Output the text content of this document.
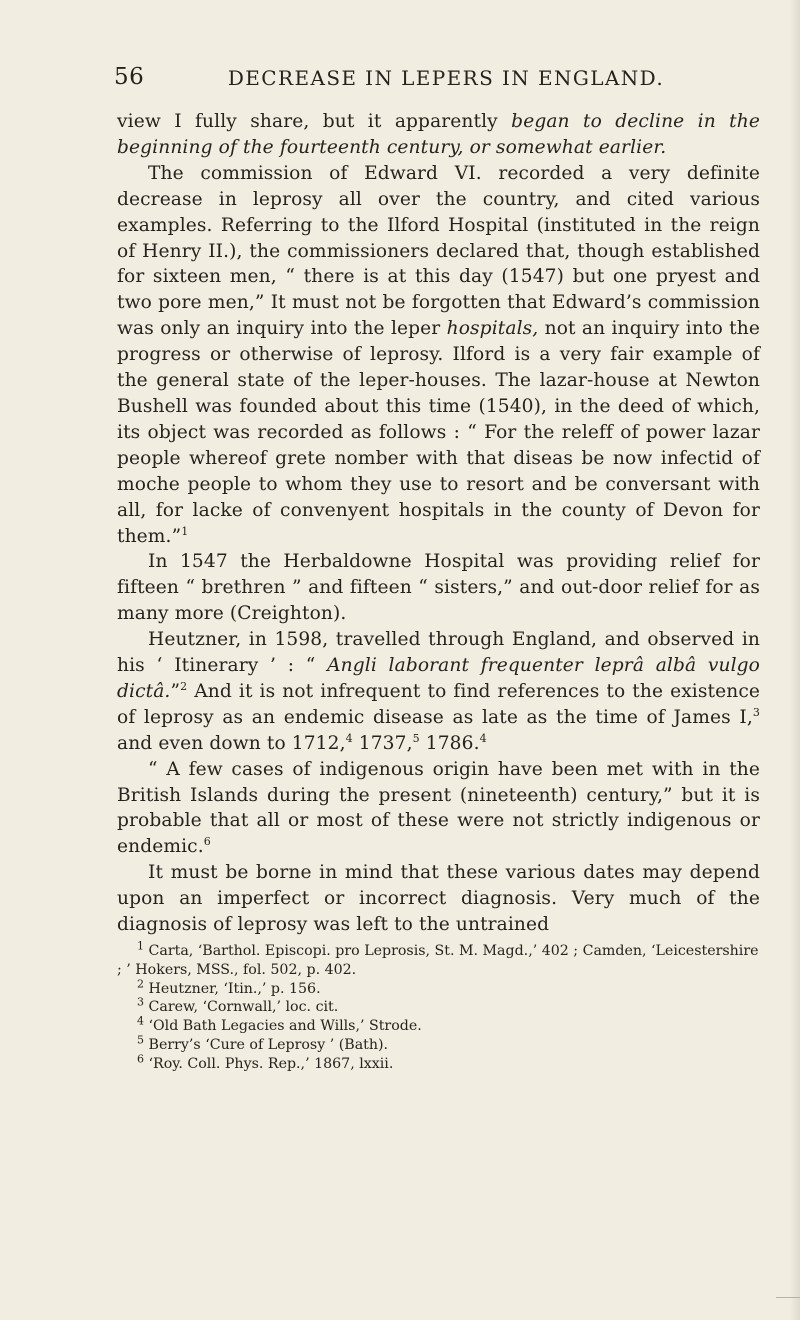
56	DECREASE IN LEPERS IN ENGLAND.

view I fully share, but it apparently began to decline in the beginning of the fourteenth century, or somewhat earlier.

The commission of Edward VI. recorded a very definite decrease in leprosy all over the country, and cited various examples. Referring to the Ilford Hospital (instituted in the reign of Henry II.), the commissioners declared that, though established for sixteen men, “ there is at this day (1547) but one pryest and two pore men,” It must not be forgotten that Edward’s commission was only an inquiry into the leper hospitals, not an inquiry into the progress or otherwise of leprosy. Ilford is a very fair example of the general state of the leper-houses. The lazar-house at Newton Bushell was founded about this time (1540), in the deed of which, its object was recorded as follows : “ For the releff of power lazar people whereof grete nomber with that diseas be now infectid of moche people to whom they use to resort and be conversant with all, for lacke of convenyent hospitals in the county of Devon for them.”$^1$

In 1547 the Herbaldowne Hospital was providing relief for fifteen “ brethren ” and fifteen “ sisters,” and out-door relief for as many more (Creighton).

Heutzner, in 1598, travelled through England, and observed in his ‘ Itinerary ’ : “ Angli laborant frequenter leprâ albâ vulgo dictâ.”$^2$ And it is not infrequent to find references to the existence of leprosy as an endemic disease as late as the time of James I,$^3$ and even down to 1712,$^4$ 1737,$^5$ 1786.$^4$

“ A few cases of indigenous origin have been met with in the British Islands during the present (nineteenth) century,” but it is probable that all or most of these were not strictly indigenous or endemic.$^6$

It must be borne in mind that these various dates may depend upon an imperfect or incorrect diagnosis. Very much of the diagnosis of leprosy was left to the untrained

$^1$ Carta, ‘Barthol. Episcopi. pro Leprosis, St. M. Magd.,’ 402 ; Camden, ‘Leicestershire ; ’ Hokers, MSS., fol. 502, p. 402.

$^2$ Heutzner, ‘Itin.,’ p. 156.

$^3$ Carew, ‘Cornwall,’ loc. cit.

$^4$ ‘Old Bath Legacies and Wills,’ Strode.

$^5$ Berry’s ‘Cure of Leprosy ’ (Bath).

$^6$ ‘Roy. Coll. Phys. Rep.,’ 1867, lxxii.
